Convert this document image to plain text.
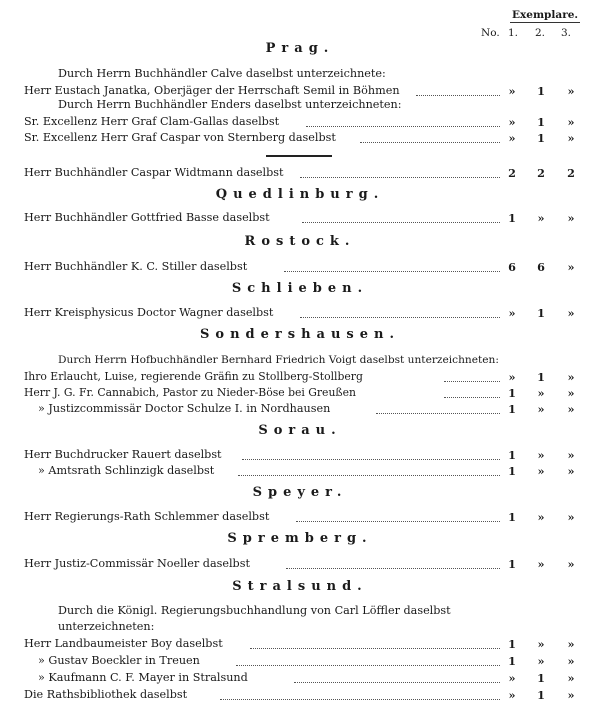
Exemplare.
No. 1. 2. 3.
Prag.
Durch Herrn Buchhändler Calve daselbst unterzeichnete:
Herr Eustach Janatka, Oberjäger der Herrschaft Semil in Böhmen	»	1	»
Durch Herrn Buchhändler Enders daselbst unterzeichneten:
Sr. Excellenz Herr Graf Clam-Gallas daselbst	»	1	»
Sr. Excellenz Herr Graf Caspar von Sternberg daselbst	»	1	»
Herr Buchhändler Caspar Widtmann daselbst	2	2	2
Quedlinburg.
Herr Buchhändler Gottfried Basse daselbst	1	»	»
Rostock.
Herr Buchhändler K. C. Stiller daselbst	6	6	»
Schlieben.
Herr Kreisphysicus Doctor Wagner daselbst	»	1	»
Sondershausen.
Durch Herrn Hofbuchhändler Bernhard Friedrich Voigt daselbst unterzeichneten:
Ihro Erlaucht, Luise, regierende Gräfin zu Stollberg-Stollberg	»	1	»
Herr J. G. Fr. Cannabich, Pastor zu Nieder-Böse bei Greußen	1	»	»
» Justizcommissär Doctor Schulze I. in Nordhausen	1	»	»
Sorau.
Herr Buchdrucker Rauert daselbst	1	»	»
» Amtsrath Schlinzigk daselbst	1	»	»
Speyer.
Herr Regierungs-Rath Schlemmer daselbst	1	»	»
Spremberg.
Herr Justiz-Commissär Noeller daselbst	1	»	»
Stralsund.
Durch die Königl. Regierungsbuchhandlung von Carl Löffler daselbst
unterzeichneten:
Herr Landbaumeister Boy daselbst	1	»	»
» Gustav Boeckler in Treuen	1	»	»
» Kaufmann C. F. Mayer in Stralsund	»	1	»
Die Rathsbibliothek daselbst	»	1	»
